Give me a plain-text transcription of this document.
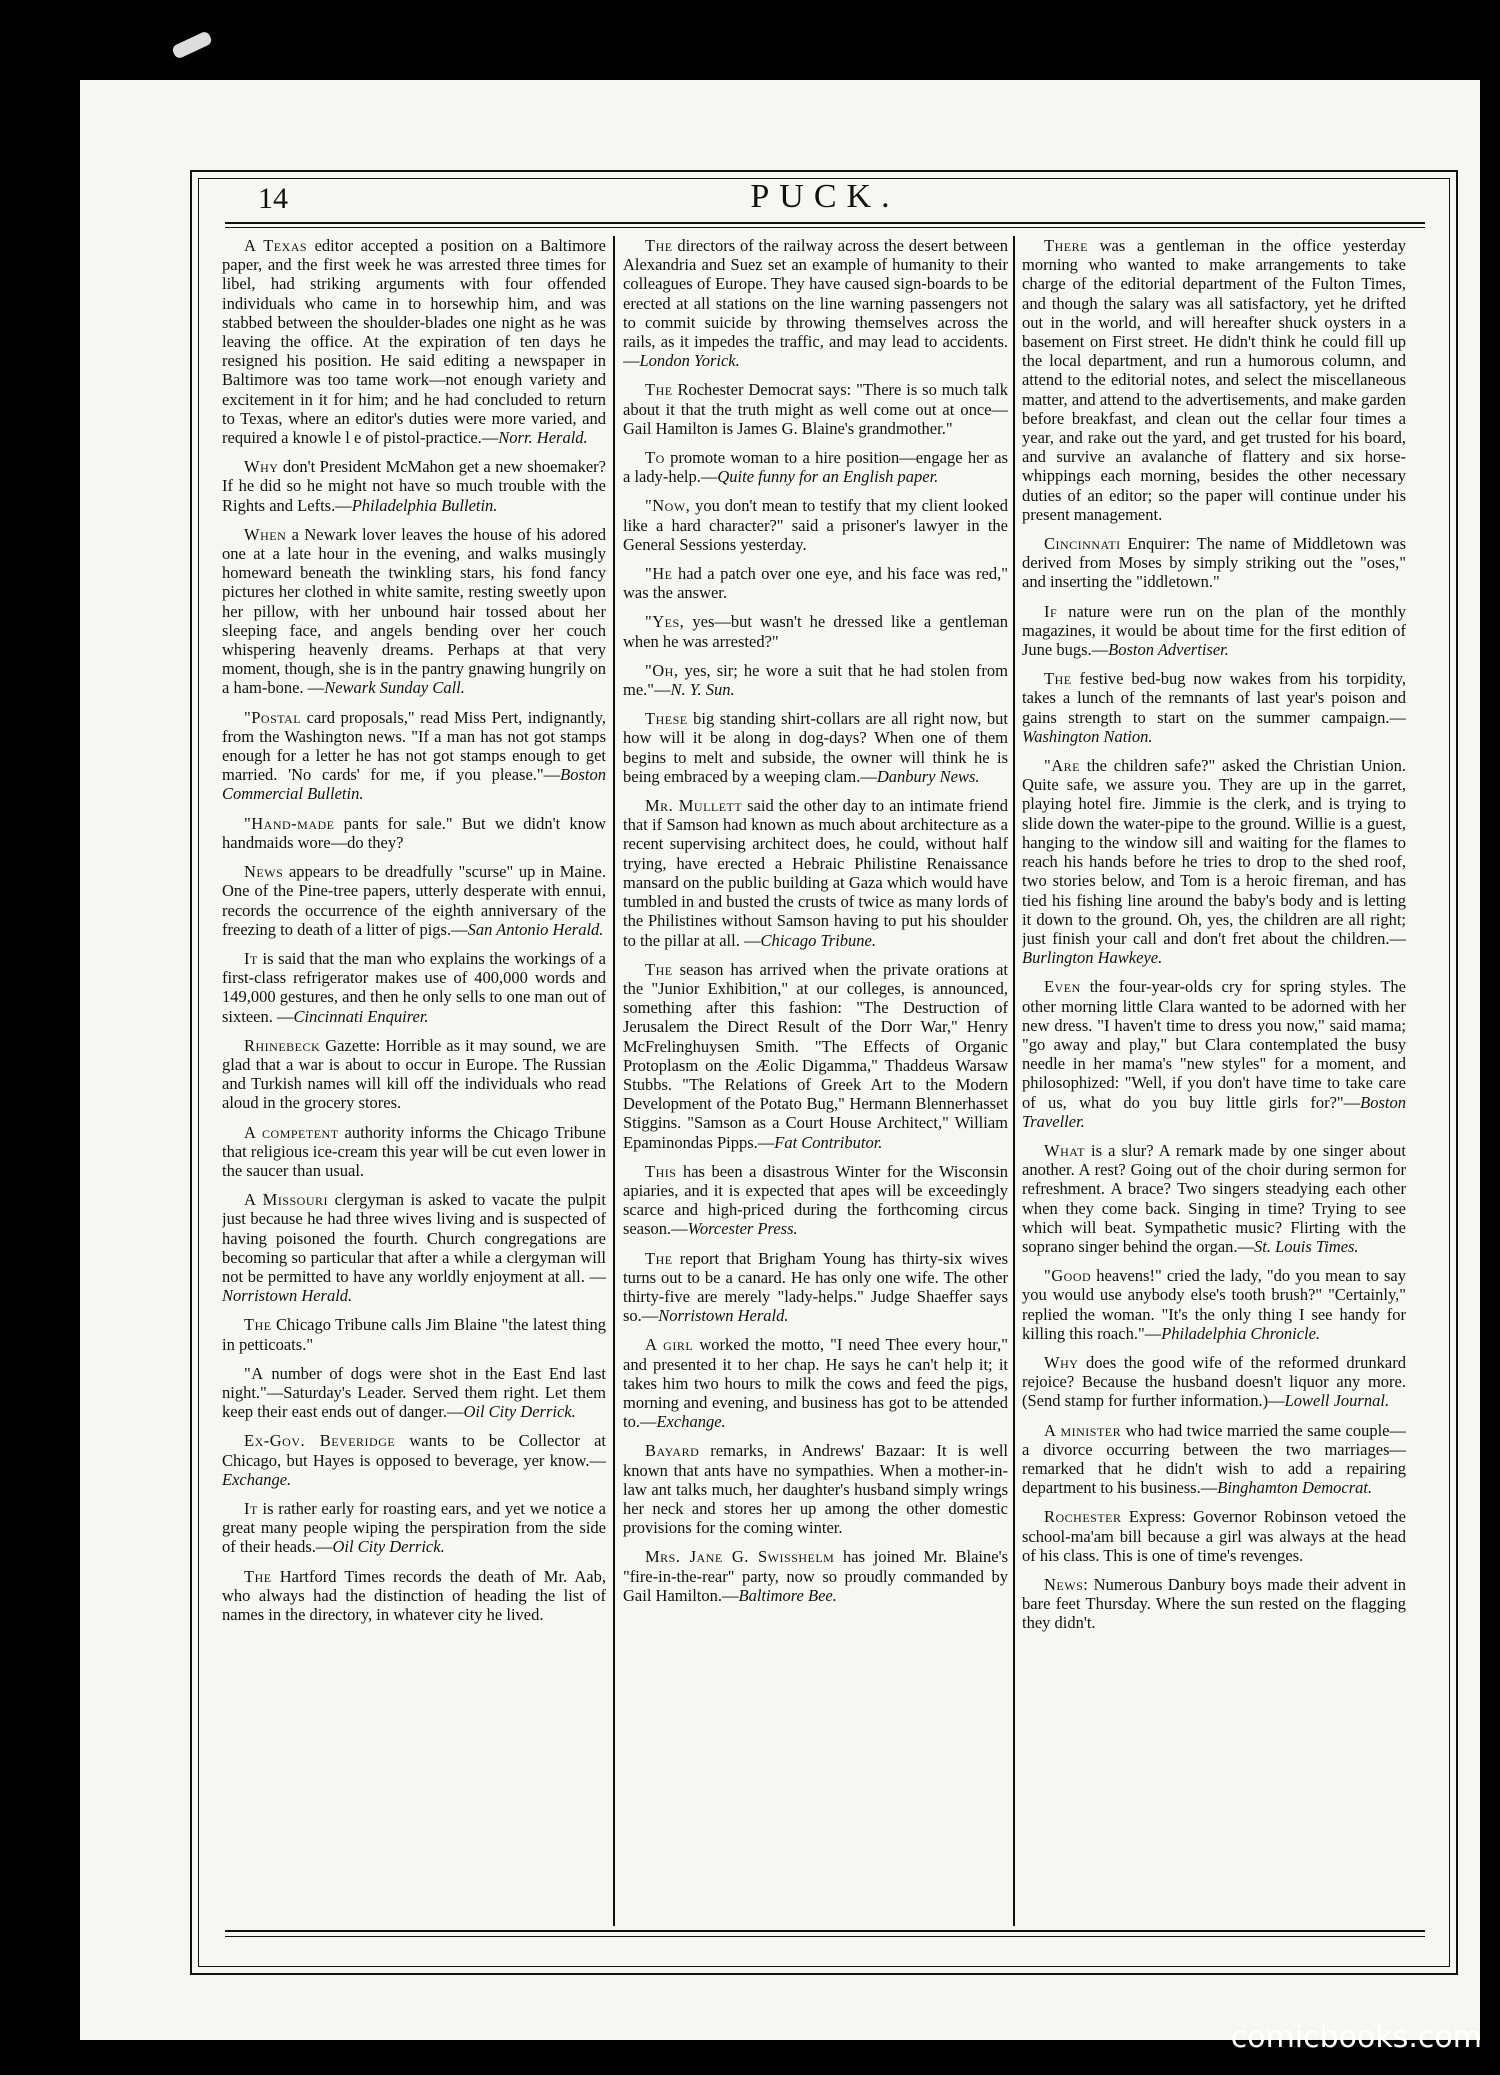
14	PUCK.

A Texas editor accepted a position on a Baltimore paper, and the first week he was arrested three times for libel, had striking arguments with four offended individuals who came in to horsewhip him, and was stabbed between the shoulder-blades one night as he was leaving the office. At the expiration of ten days he resigned his position. He said editing a newspaper in Baltimore was too tame work—not enough variety and excitement in it for him; and he had concluded to return to Texas, where an editor's duties were more varied, and required a knowle l e of pistol-practice.—Norr. Herald.

Why don't President McMahon get a new shoemaker? If he did so he might not have so much trouble with the Rights and Lefts.—Philadelphia Bulletin.

When a Newark lover leaves the house of his adored one at a late hour in the evening, and walks musingly homeward beneath the twinkling stars, his fond fancy pictures her clothed in white samite, resting sweetly upon her pillow, with her unbound hair tossed about her sleeping face, and angels bending over her couch whispering heavenly dreams. Perhaps at that very moment, though, she is in the pantry gnawing hungrily on a ham-bone. —Newark Sunday Call.

"Postal card proposals," read Miss Pert, indignantly, from the Washington news. "If a man has not got stamps enough for a letter he has not got stamps enough to get married. 'No cards' for me, if you please."—Boston Commercial Bulletin.

"Hand-made pants for sale." But we didn't know handmaids wore—do they?

News appears to be dreadfully "scurse" up in Maine. One of the Pine-tree papers, utterly desperate with ennui, records the occurrence of the eighth anniversary of the freezing to death of a litter of pigs.—San Antonio Herald.

It is said that the man who explains the workings of a first-class refrigerator makes use of 400,000 words and 149,000 gestures, and then he only sells to one man out of sixteen. —Cincinnati Enquirer.

Rhinebeck Gazette: Horrible as it may sound, we are glad that a war is about to occur in Europe. The Russian and Turkish names will kill off the individuals who read aloud in the grocery stores.

A competent authority informs the Chicago Tribune that religious ice-cream this year will be cut even lower in the saucer than usual.

A Missouri clergyman is asked to vacate the pulpit just because he had three wives living and is suspected of having poisoned the fourth. Church congregations are becoming so particular that after a while a clergyman will not be permitted to have any worldly enjoyment at all. —Norristown Herald.

The Chicago Tribune calls Jim Blaine "the latest thing in petticoats."

"A number of dogs were shot in the East End last night."—Saturday's Leader. Served them right. Let them keep their east ends out of danger.—Oil City Derrick.

Ex-Gov. Beveridge wants to be Collector at Chicago, but Hayes is opposed to beverage, yer know.—Exchange.

It is rather early for roasting ears, and yet we notice a great many people wiping the perspiration from the side of their heads.—Oil City Derrick.

The Hartford Times records the death of Mr. Aab, who always had the distinction of heading the list of names in the directory, in whatever city he lived.

The directors of the railway across the desert between Alexandria and Suez set an example of humanity to their colleagues of Europe. They have caused sign-boards to be erected at all stations on the line warning passengers not to commit suicide by throwing themselves across the rails, as it impedes the traffic, and may lead to accidents.—London Yorick.

The Rochester Democrat says: "There is so much talk about it that the truth might as well come out at once—Gail Hamilton is James G. Blaine's grandmother."

To promote woman to a hire position—engage her as a lady-help.—Quite funny for an English paper.

"Now, you don't mean to testify that my client looked like a hard character?" said a prisoner's lawyer in the General Sessions yesterday.

"He had a patch over one eye, and his face was red," was the answer.

"Yes, yes—but wasn't he dressed like a gentleman when he was arrested?"

"Oh, yes, sir; he wore a suit that he had stolen from me."—N. Y. Sun.

These big standing shirt-collars are all right now, but how will it be along in dog-days? When one of them begins to melt and subside, the owner will think he is being embraced by a weeping clam.—Danbury News.

Mr. Mullett said the other day to an intimate friend that if Samson had known as much about architecture as a recent supervising architect does, he could, without half trying, have erected a Hebraic Philistine Renaissance mansard on the public building at Gaza which would have tumbled in and busted the crusts of twice as many lords of the Philistines without Samson having to put his shoulder to the pillar at all. —Chicago Tribune.

The season has arrived when the private orations at the "Junior Exhibition," at our colleges, is announced, something after this fashion: "The Destruction of Jerusalem the Direct Result of the Dorr War," Henry McFrelinghuysen Smith. "The Effects of Organic Protoplasm on the Æolic Digamma," Thaddeus Warsaw Stubbs. "The Relations of Greek Art to the Modern Development of the Potato Bug," Hermann Blennerhasset Stiggins. "Samson as a Court House Architect," William Epaminondas Pipps.—Fat Contributor.

This has been a disastrous Winter for the Wisconsin apiaries, and it is expected that apes will be exceedingly scarce and high-priced during the forthcoming circus season.—Worcester Press.

The report that Brigham Young has thirty-six wives turns out to be a canard. He has only one wife. The other thirty-five are merely "lady-helps." Judge Shaeffer says so.—Norristown Herald.

A girl worked the motto, "I need Thee every hour," and presented it to her chap. He says he can't help it; it takes him two hours to milk the cows and feed the pigs, morning and evening, and business has got to be attended to.—Exchange.

Bayard remarks, in Andrews' Bazaar: It is well known that ants have no sympathies. When a mother-in-law ant talks much, her daughter's husband simply wrings her neck and stores her up among the other domestic provisions for the coming winter.

Mrs. Jane G. Swisshelm has joined Mr. Blaine's "fire-in-the-rear" party, now so proudly commanded by Gail Hamilton.—Baltimore Bee.

There was a gentleman in the office yesterday morning who wanted to make arrangements to take charge of the editorial department of the Fulton Times, and though the salary was all satisfactory, yet he drifted out in the world, and will hereafter shuck oysters in a basement on First street. He didn't think he could fill up the local department, and run a humorous column, and attend to the editorial notes, and select the miscellaneous matter, and attend to the advertisements, and make garden before breakfast, and clean out the cellar four times a year, and rake out the yard, and get trusted for his board, and survive an avalanche of flattery and six horse-whippings each morning, besides the other necessary duties of an editor; so the paper will continue under his present management.

Cincinnati Enquirer: The name of Middletown was derived from Moses by simply striking out the "oses," and inserting the "iddletown."

If nature were run on the plan of the monthly magazines, it would be about time for the first edition of June bugs.—Boston Advertiser.

The festive bed-bug now wakes from his torpidity, takes a lunch of the remnants of last year's poison and gains strength to start on the summer campaign.—Washington Nation.

"Are the children safe?" asked the Christian Union. Quite safe, we assure you. They are up in the garret, playing hotel fire. Jimmie is the clerk, and is trying to slide down the water-pipe to the ground. Willie is a guest, hanging to the window sill and waiting for the flames to reach his hands before he tries to drop to the shed roof, two stories below, and Tom is a heroic fireman, and has tied his fishing line around the baby's body and is letting it down to the ground. Oh, yes, the children are all right; just finish your call and don't fret about the children.—Burlington Hawkeye.

Even the four-year-olds cry for spring styles. The other morning little Clara wanted to be adorned with her new dress. "I haven't time to dress you now," said mama; "go away and play," but Clara contemplated the busy needle in her mama's "new styles" for a moment, and philosophized: "Well, if you don't have time to take care of us, what do you buy little girls for?"—Boston Traveller.

What is a slur? A remark made by one singer about another. A rest? Going out of the choir during sermon for refreshment. A brace? Two singers steadying each other when they come back. Singing in time? Trying to see which will beat. Sympathetic music? Flirting with the soprano singer behind the organ.—St. Louis Times.

"Good heavens!" cried the lady, "do you mean to say you would use anybody else's tooth brush?" "Certainly," replied the woman. "It's the only thing I see handy for killing this roach."—Philadelphia Chronicle.

Why does the good wife of the reformed drunkard rejoice? Because the husband doesn't liquor any more. (Send stamp for further information.)—Lowell Journal.

A minister who had twice married the same couple—a divorce occurring between the two marriages—remarked that he didn't wish to add a repairing department to his business.—Binghamton Democrat.

Rochester Express: Governor Robinson vetoed the school-ma'am bill because a girl was always at the head of his class. This is one of time's revenges.

News: Numerous Danbury boys made their advent in bare feet Thursday. Where the sun rested on the flagging they didn't.

comicbooks.com
